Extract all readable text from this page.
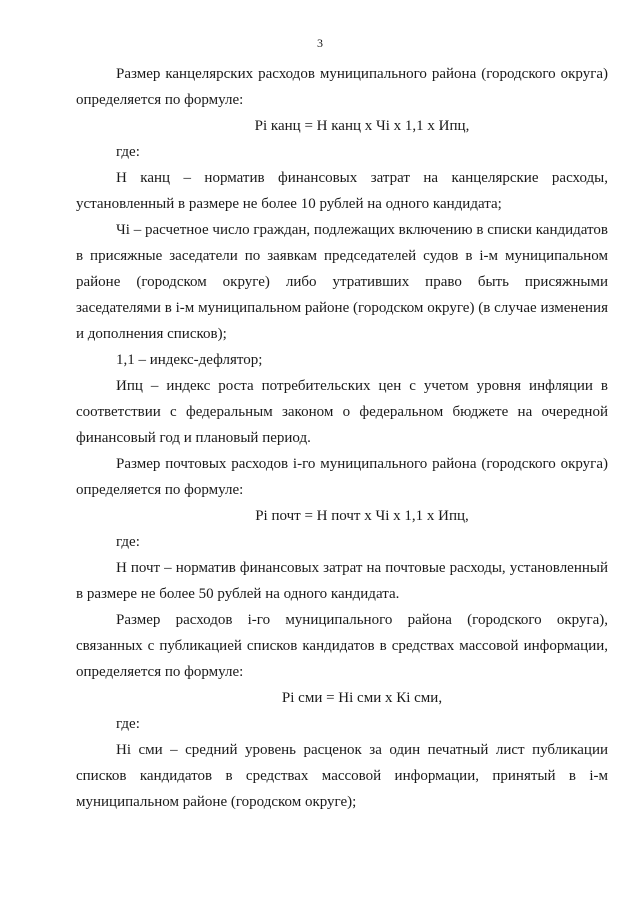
3

Размер канцелярских расходов муниципального района (городского округа) определяется по формуле:

Pi канц = Н канц х Чi х 1,1 х Ипц,

где:

Н канц – норматив финансовых затрат на канцелярские расходы, установленный в размере не более 10 рублей на одного кандидата;

Чi – расчетное число граждан, подлежащих включению в списки кандидатов в присяжные заседатели по заявкам председателей судов в i-м муниципальном районе (городском округе) либо утративших право быть присяжными заседателями в i-м муниципальном районе (городском округе) (в случае изменения и дополнения списков);

1,1 – индекс-дефлятор;

Ипц – индекс роста потребительских цен с учетом уровня инфляции в соответствии с федеральным законом о федеральном бюджете на очередной финансовый год и плановый период.

Размер почтовых расходов i-го муниципального района (городского округа) определяется по формуле:

Pi почт = Н почт х Чi х 1,1 х Ипц,

где:

Н почт – норматив финансовых затрат на почтовые расходы, установленный в размере не более 50 рублей на одного кандидата.

Размер расходов i-го муниципального района (городского округа), связанных с публикацией списков кандидатов в средствах массовой информации, определяется по формуле:

Pi сми = Нi сми х Кi сми,

где:

Нi сми – средний уровень расценок за один печатный лист публикации списков кандидатов в средствах массовой информации, принятый в i-м муниципальном районе (городском округе);
